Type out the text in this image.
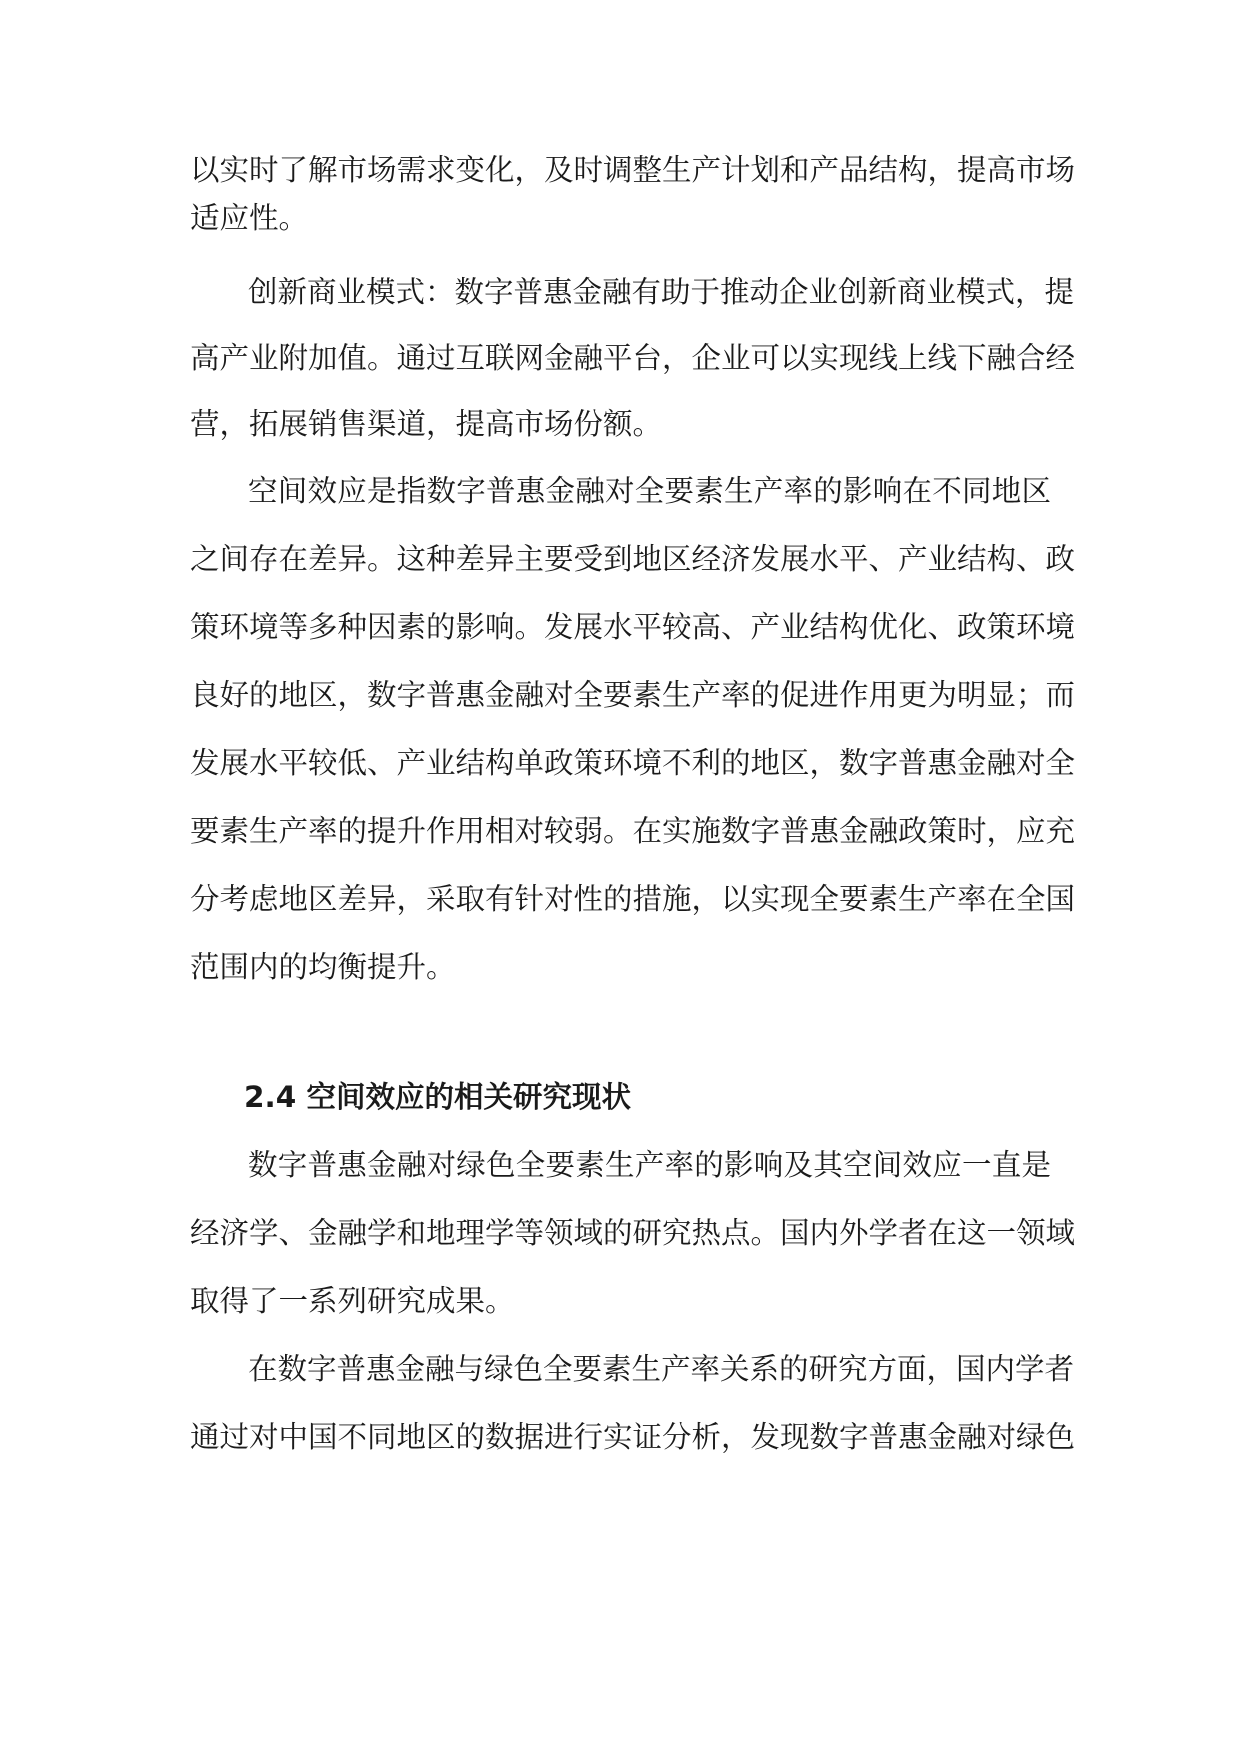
以实时了解市场需求变化，及时调整生产计划和产品结构，提高市场
适应性。
创新商业模式：数字普惠金融有助于推动企业创新商业模式，提
高产业附加值。通过互联网金融平台，企业可以实现线上线下融合经
营，拓展销售渠道，提高市场份额。
空间效应是指数字普惠金融对全要素生产率的影响在不同地区
之间存在差异。这种差异主要受到地区经济发展水平、产业结构、政
策环境等多种因素的影响。发展水平较高、产业结构优化、政策环境
良好的地区，数字普惠金融对全要素生产率的促进作用更为明显；而
发展水平较低、产业结构单政策环境不利的地区，数字普惠金融对全
要素生产率的提升作用相对较弱。在实施数字普惠金融政策时，应充
分考虑地区差异，采取有针对性的措施，以实现全要素生产率在全国
范围内的均衡提升。
2.4 空间效应的相关研究现状
数字普惠金融对绿色全要素生产率的影响及其空间效应一直是
经济学、金融学和地理学等领域的研究热点。国内外学者在这一领域
取得了一系列研究成果。
在数字普惠金融与绿色全要素生产率关系的研究方面，国内学者
通过对中国不同地区的数据进行实证分析，发现数字普惠金融对绿色
